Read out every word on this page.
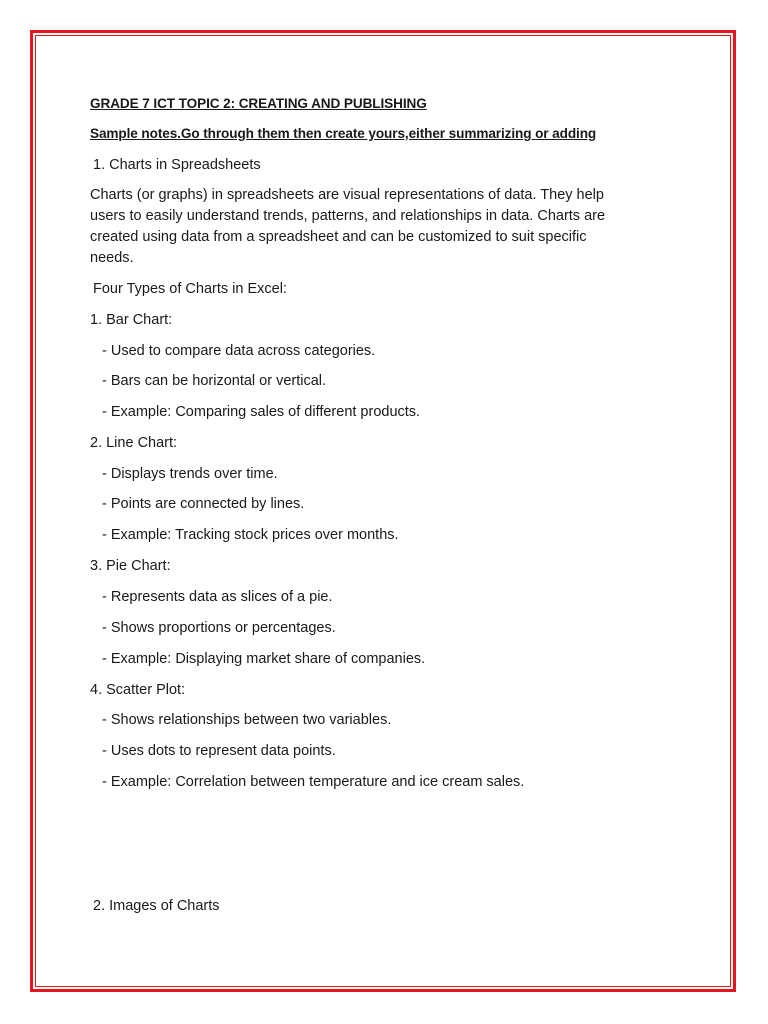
GRADE 7 ICT TOPIC 2: CREATING AND PUBLISHING
Sample notes.Go through them then create yours,either summarizing or adding
1. Charts in Spreadsheets
Charts (or graphs) in spreadsheets are visual representations of data. They help
users to easily understand trends, patterns, and relationships in data. Charts are
created using data from a spreadsheet and can be customized to suit specific
needs.
Four Types of Charts in Excel:
1. Bar Chart:
- Used to compare data across categories.
- Bars can be horizontal or vertical.
- Example: Comparing sales of different products.
2. Line Chart:
- Displays trends over time.
- Points are connected by lines.
- Example: Tracking stock prices over months.
3. Pie Chart:
- Represents data as slices of a pie.
- Shows proportions or percentages.
- Example: Displaying market share of companies.
4. Scatter Plot:
- Shows relationships between two variables.
- Uses dots to represent data points.
- Example: Correlation between temperature and ice cream sales.
2. Images of Charts
